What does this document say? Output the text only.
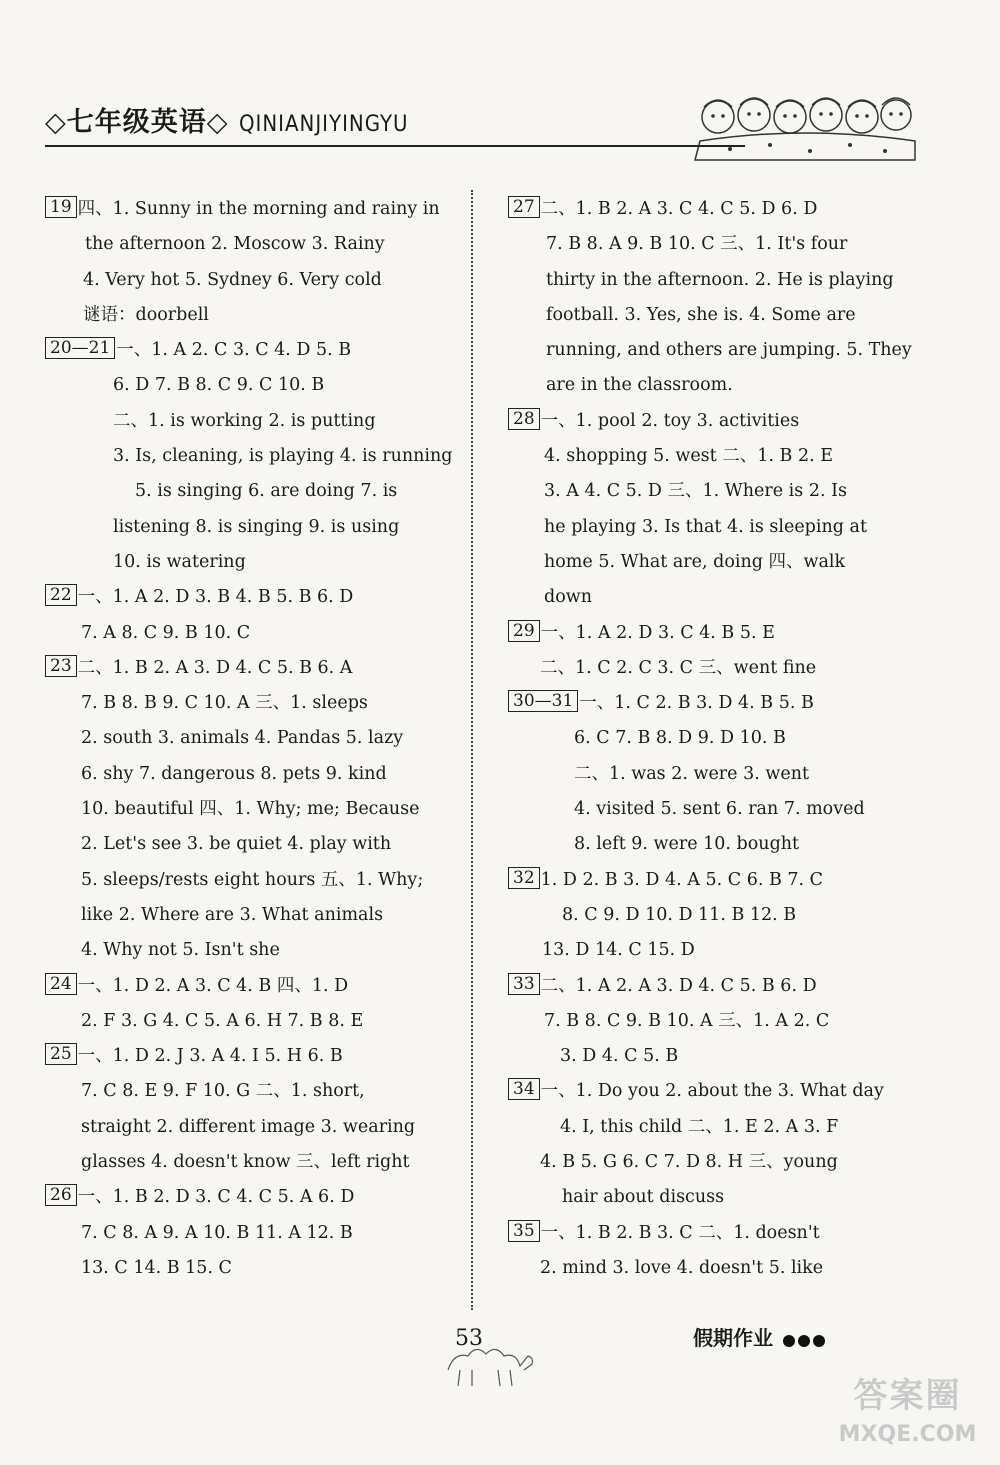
◇七年级英语◇ QINIANJIYINGYU
19 四、1. Sunny in the morning and rainy in
the afternoon 2. Moscow 3. Rainy
4. Very hot 5. Sydney 6. Very cold
谜语：doorbell
20—21 一、1. A 2. C 3. C 4. D 5. B
6. D 7. B 8. C 9. C 10. B
二、1. is working 2. is putting
3. Is, cleaning, is playing 4. is running
5. is singing 6. are doing 7. is
listening 8. is singing 9. is using
10. is watering
22 一、1. A 2. D 3. B 4. B 5. B 6. D
7. A 8. C 9. B 10. C
23 二、1. B 2. A 3. D 4. C 5. B 6. A
7. B 8. B 9. C 10. A 三、1. sleeps
2. south 3. animals 4. Pandas 5. lazy
6. shy 7. dangerous 8. pets 9. kind
10. beautiful 四、1. Why; me; Because
2. Let's see 3. be quiet 4. play with
5. sleeps/rests eight hours 五、1. Why;
like 2. Where are 3. What animals
4. Why not 5. Isn't she
24 一、1. D 2. A 3. C 4. B 四、1. D
2. F 3. G 4. C 5. A 6. H 7. B 8. E
25 一、1. D 2. J 3. A 4. I 5. H 6. B
7. C 8. E 9. F 10. G 二、1. short,
straight 2. different image 3. wearing
glasses 4. doesn't know 三、left right
26 一、1. B 2. D 3. C 4. C 5. A 6. D
7. C 8. A 9. A 10. B 11. A 12. B
13. C 14. B 15. C
27 二、1. B 2. A 3. C 4. C 5. D 6. D
7. B 8. A 9. B 10. C 三、1. It's four
thirty in the afternoon. 2. He is playing
football. 3. Yes, she is. 4. Some are
running, and others are jumping. 5. They
are in the classroom.
28 一、1. pool 2. toy 3. activities
4. shopping 5. west 二、1. B 2. E
3. A 4. C 5. D 三、1. Where is 2. Is
he playing 3. Is that 4. is sleeping at
home 5. What are, doing 四、walk
down
29 一、1. A 2. D 3. C 4. B 5. E
二、1. C 2. C 3. C 三、went fine
30—31 一、1. C 2. B 3. D 4. B 5. B
6. C 7. B 8. D 9. D 10. B
二、1. was 2. were 3. went
4. visited 5. sent 6. ran 7. moved
8. left 9. were 10. bought
32 1. D 2. B 3. D 4. A 5. C 6. B 7. C
8. C 9. D 10. D 11. B 12. B
13. D 14. C 15. D
33 二、1. A 2. A 3. D 4. C 5. B 6. D
7. B 8. C 9. B 10. A 三、1. A 2. C
3. D 4. C 5. B
34 一、1. Do you 2. about the 3. What day
4. I, this child 二、1. E 2. A 3. F
4. B 5. G 6. C 7. D 8. H 三、young
hair about discuss
35 一、1. B 2. B 3. C 二、1. doesn't
2. mind 3. love 4. doesn't 5. like
53	假期作业
答案圈
MXQE.COM
